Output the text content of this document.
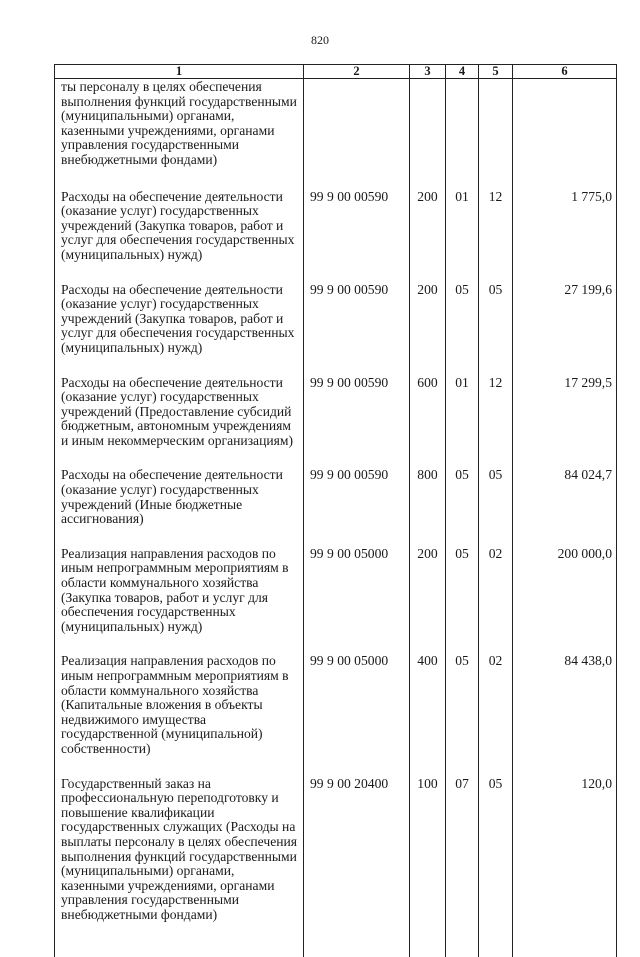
820
1	2	3	4	5	6
ты персоналу в целях обеспечения выполнения функций государственными (муниципальными) органами, казенными учреждениями, органами управления государственными внебюджетными фондами)					
Расходы на обеспечение деятельности (оказание услуг) государственных учреждений (Закупка товаров, работ и услуг для обеспечения государственных (муниципальных) нужд)	99 9 00 00590	200	01	12	1 775,0
Расходы на обеспечение деятельности (оказание услуг) государственных учреждений (Закупка товаров, работ и услуг для обеспечения государственных (муниципальных) нужд)	99 9 00 00590	200	05	05	27 199,6
Расходы на обеспечение деятельности (оказание услуг) государственных учреждений (Предоставление субсидий бюджетным, автономным учреждениям и иным некоммерческим организациям)	99 9 00 00590	600	01	12	17 299,5
Расходы на обеспечение деятельности (оказание услуг) государственных учреждений (Иные бюджетные ассигнования)	99 9 00 00590	800	05	05	84 024,7
Реализация направления расходов по иным непрограммным мероприятиям в области коммунального хозяйства (Закупка товаров, работ и услуг для обеспечения государственных (муниципальных) нужд)	99 9 00 05000	200	05	02	200 000,0
Реализация направления расходов по иным непрограммным мероприятиям в области коммунального хозяйства (Капитальные вложения в объекты недвижимого имущества государственной (муниципальной) собственности)	99 9 00 05000	400	05	02	84 438,0
Государственный заказ на профессиональную переподготовку и повышение квалификации государственных служащих (Расходы на выплаты персоналу в целях обеспечения выполнения функций государственными (муниципальными) органами, казенными учреждениями, органами управления государственными внебюджетными фондами)	99 9 00 20400	100	07	05	120,0
